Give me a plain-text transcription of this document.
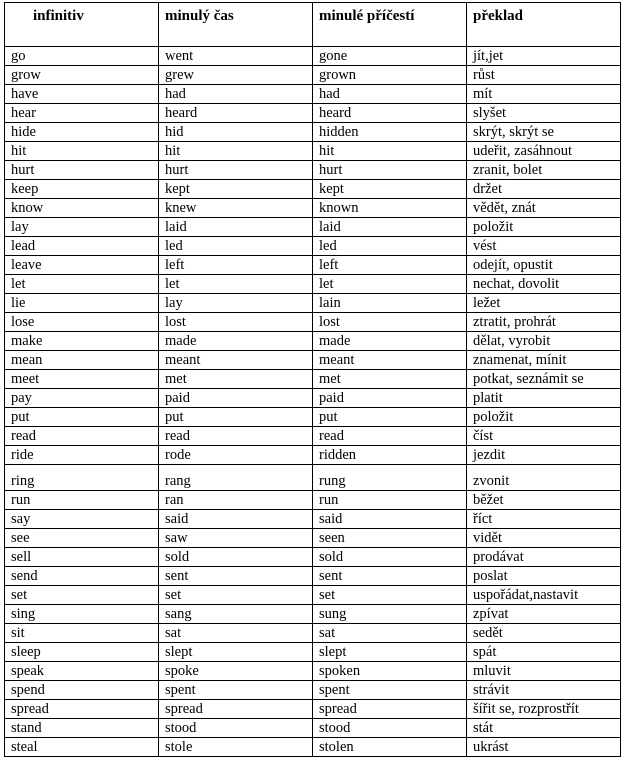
infinitiv	minulý čas	minulé příčestí	překlad
go	went	gone	jít,jet
grow	grew	grown	růst
have	had	had	mít
hear	heard	heard	slyšet
hide	hid	hidden	skrýt, skrýt se
hit	hit	hit	udeřit, zasáhnout
hurt	hurt	hurt	zranit, bolet
keep	kept	kept	držet
know	knew	known	vědět, znát
lay	laid	laid	položit
lead	led	led	vést
leave	left	left	odejít, opustit
let	let	let	nechat, dovolit
lie	lay	lain	ležet
lose	lost	lost	ztratit, prohrát
make	made	made	dělat, vyrobit
mean	meant	meant	znamenat, mínit
meet	met	met	potkat, seznámit se
pay	paid	paid	platit
put	put	put	položit
read	read	read	číst
ride	rode	ridden	jezdit
ring	rang	rung	zvonit
run	ran	run	běžet
say	said	said	říct
see	saw	seen	vidět
sell	sold	sold	prodávat
send	sent	sent	poslat
set	set	set	uspořádat,nastavit
sing	sang	sung	zpívat
sit	sat	sat	sedět
sleep	slept	slept	spát
speak	spoke	spoken	mluvit
spend	spent	spent	strávit
spread	spread	spread	šířit se, rozprostřít
stand	stood	stood	stát
steal	stole	stolen	ukrást
